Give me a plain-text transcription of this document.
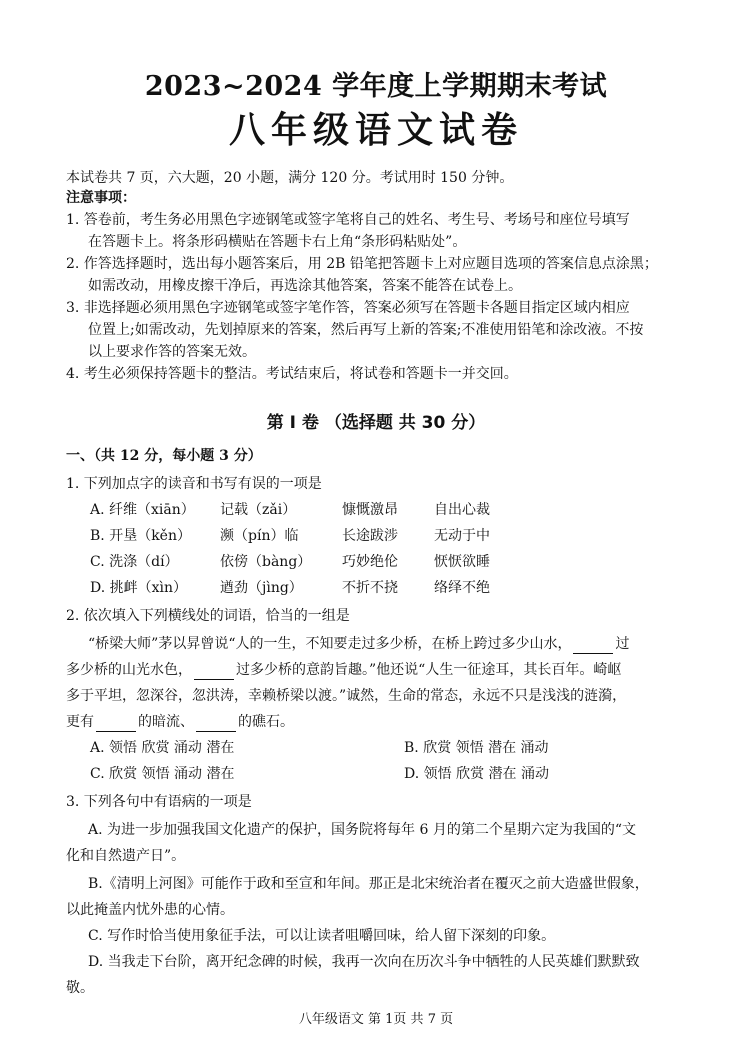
2023~2024 学年度上学期期末考试
八年级语文试卷
本试卷共 7 页，六大题，20 小题，满分 120 分。考试用时 150 分钟。
注意事项：
1. 答卷前，考生务必用黑色字迹钢笔或签字笔将自己的姓名、考生号、考场号和座位号填写
在答题卡上。将条形码横贴在答题卡右上角“条形码粘贴处”。
2. 作答选择题时，选出每小题答案后，用 2B 铅笔把答题卡上对应题目选项的答案信息点涂黑；
如需改动，用橡皮擦干净后，再选涂其他答案，答案不能答在试卷上。
3. 非选择题必须用黑色字迹钢笔或签字笔作答，答案必须写在答题卡各题目指定区域内相应
位置上;如需改动，先划掉原来的答案，然后再写上新的答案;不准使用铅笔和涂改液。不按
以上要求作答的答案无效。
4. 考生必须保持答题卡的整洁。考试结束后，将试卷和答题卡一并交回。
第 I 卷 （选择题 共 30 分）
一、（共 12 分，每小题 3 分）
1. 下列加点字的读音和书写有误的一项是
A. 纤维（xiān） 记载（zǎi）	慷慨激昂	自出心裁
B. 开垦（kěn） 濒（pín）临	长途跋涉	无动于中
C. 洗涤（dí）	依傍（bàng） 巧妙绝伦	恹恹欲睡
D. 挑衅（xìn） 遒劲（jìng）	不折不挠	络绎不绝
2. 依次填入下列横线处的词语，恰当的一组是
“桥梁大师”茅以昇曾说“人的一生，不知要走过多少桥，在桥上跨过多少山水，	过
多少桥的山光水色，	过多少桥的意韵旨趣。”他还说“人生一征途耳，其长百年。崎岖
多于平坦，忽深谷，忽洪涛，幸赖桥梁以渡。”诚然，生命的常态，永远不只是浅浅的涟漪，
更有	的暗流、	的礁石。
A. 领悟 欣赏 涌动 潜在	B. 欣赏 领悟 潜在 涌动
C. 欣赏 领悟 涌动 潜在	D. 领悟 欣赏 潜在 涌动
3. 下列各句中有语病的一项是
A. 为进一步加强我国文化遗产的保护，国务院将每年 6 月的第二个星期六定为我国的“文
化和自然遗产日”。
B.《清明上河图》可能作于政和至宣和年间。那正是北宋统治者在覆灭之前大造盛世假象，
以此掩盖内忧外患的心情。
C. 写作时恰当使用象征手法，可以让读者咀嚼回味，给人留下深刻的印象。
D. 当我走下台阶，离开纪念碑的时候，我再一次向在历次斗争中牺牲的人民英雄们默默致
敬。
八年级语文 第 1页 共 7 页
